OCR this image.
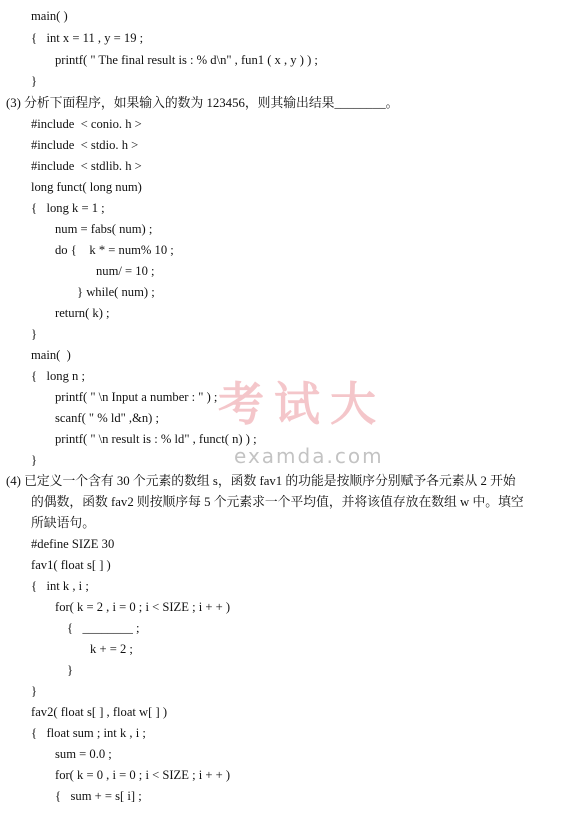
main( )
{   int x = 11 , y = 19 ;
printf( " The final result is : % d\n" , fun1 ( x , y ) ) ;
}
(3) 分析下面程序，如果输入的数为 123456，则其输出结果________。
#include  < conio. h >
#include  < stdio. h >
#include  < stdlib. h >
long funct( long num)
{   long k = 1 ;
num = fabs( num) ;
do {    k * = num% 10 ;
num/ = 10 ;
} while( num) ;
return( k) ;
}
main(  )
{   long n ;
printf( " \n Input a number : " ) ;
scanf( " % ld" ,&n) ;
printf( " \n result is : % ld" , funct( n) ) ;
}
(4) 已定义一个含有 30 个元素的数组 s，函数 fav1 的功能是按顺序分别赋予各元素从 2 开始
的偶数，函数 fav2 则按顺序每 5 个元素求一个平均值，并将该值存放在数组 w 中。填空
所缺语句。
#define SIZE 30
fav1( float s[ ] )
{   int k , i ;
for( k = 2 , i = 0 ; i < SIZE ; i + + )
{   ________ ;
k + = 2 ;
}
}
fav2( float s[ ] , float w[ ] )
{   float sum ; int k , i ;
sum = 0.0 ;
for( k = 0 , i = 0 ; i < SIZE ; i + + )
{   sum + = s[ i] ;
考试大
examda.com
